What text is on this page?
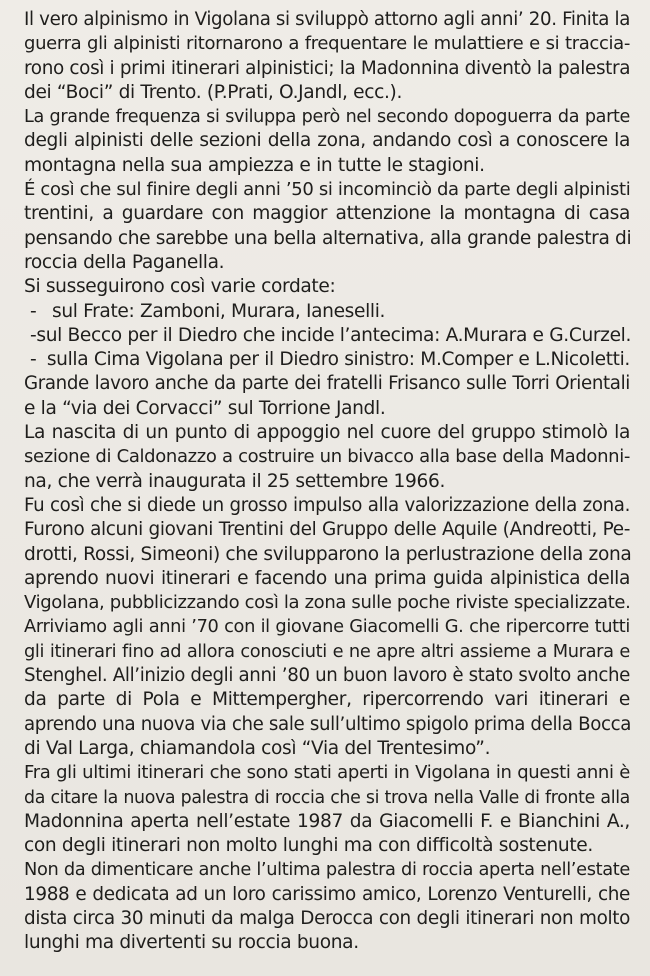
Il vero alpinismo in Vigolana si sviluppò attorno agli anni’ 20. Finita la
guerra gli alpinisti ritornarono a frequentare le mulattiere e si traccia-
rono così i primi itinerari alpinistici; la Madonnina diventò la palestra
dei “Boci” di Trento. (P.Prati, O.Jandl, ecc.).
La grande frequenza si sviluppa però nel secondo dopoguerra da parte
degli alpinisti delle sezioni della zona, andando così a conoscere la
montagna nella sua ampiezza e in tutte le stagioni.
É così che sul finire degli anni ’50 si incominciò da parte degli alpinisti
trentini, a guardare con maggior attenzione la montagna di casa
pensando che sarebbe una bella alternativa, alla grande palestra di
roccia della Paganella.
Si susseguirono così varie cordate:
- sul Frate: Zamboni, Murara, Ianeselli.
- sul Becco per il Diedro che incide l’antecima: A.Murara e G.Curzel.
- sulla Cima Vigolana per il Diedro sinistro: M.Comper e L.Nicoletti.
Grande lavoro anche da parte dei fratelli Frisanco sulle Torri Orientali
e la “via dei Corvacci” sul Torrione Jandl.
La nascita di un punto di appoggio nel cuore del gruppo stimolò la
sezione di Caldonazzo a costruire un bivacco alla base della Madonni-
na, che verrà inaugurata il 25 settembre 1966.
Fu così che si diede un grosso impulso alla valorizzazione della zona.
Furono alcuni giovani Trentini del Gruppo delle Aquile (Andreotti, Pe-
drotti, Rossi, Simeoni) che svilupparono la perlustrazione della zona
aprendo nuovi itinerari e facendo una prima guida alpinistica della
Vigolana, pubblicizzando così la zona sulle poche riviste specializzate.
Arriviamo agli anni ’70 con il giovane Giacomelli G. che ripercorre tutti
gli itinerari fino ad allora conosciuti e ne apre altri assieme a Murara e
Stenghel. All’inizio degli anni ’80 un buon lavoro è stato svolto anche
da parte di Pola e Mittempergher, ripercorrendo vari itinerari e
aprendo una nuova via che sale sull’ultimo spigolo prima della Bocca
di Val Larga, chiamandola così “Via del Trentesimo”.
Fra gli ultimi itinerari che sono stati aperti in Vigolana in questi anni è
da citare la nuova palestra di roccia che si trova nella Valle di fronte alla
Madonnina aperta nell’estate 1987 da Giacomelli F. e Bianchini A.,
con degli itinerari non molto lunghi ma con difficoltà sostenute.
Non da dimenticare anche l’ultima palestra di roccia aperta nell’estate
1988 e dedicata ad un loro carissimo amico, Lorenzo Venturelli, che
dista circa 30 minuti da malga Derocca con degli itinerari non molto
lunghi ma divertenti su roccia buona.
